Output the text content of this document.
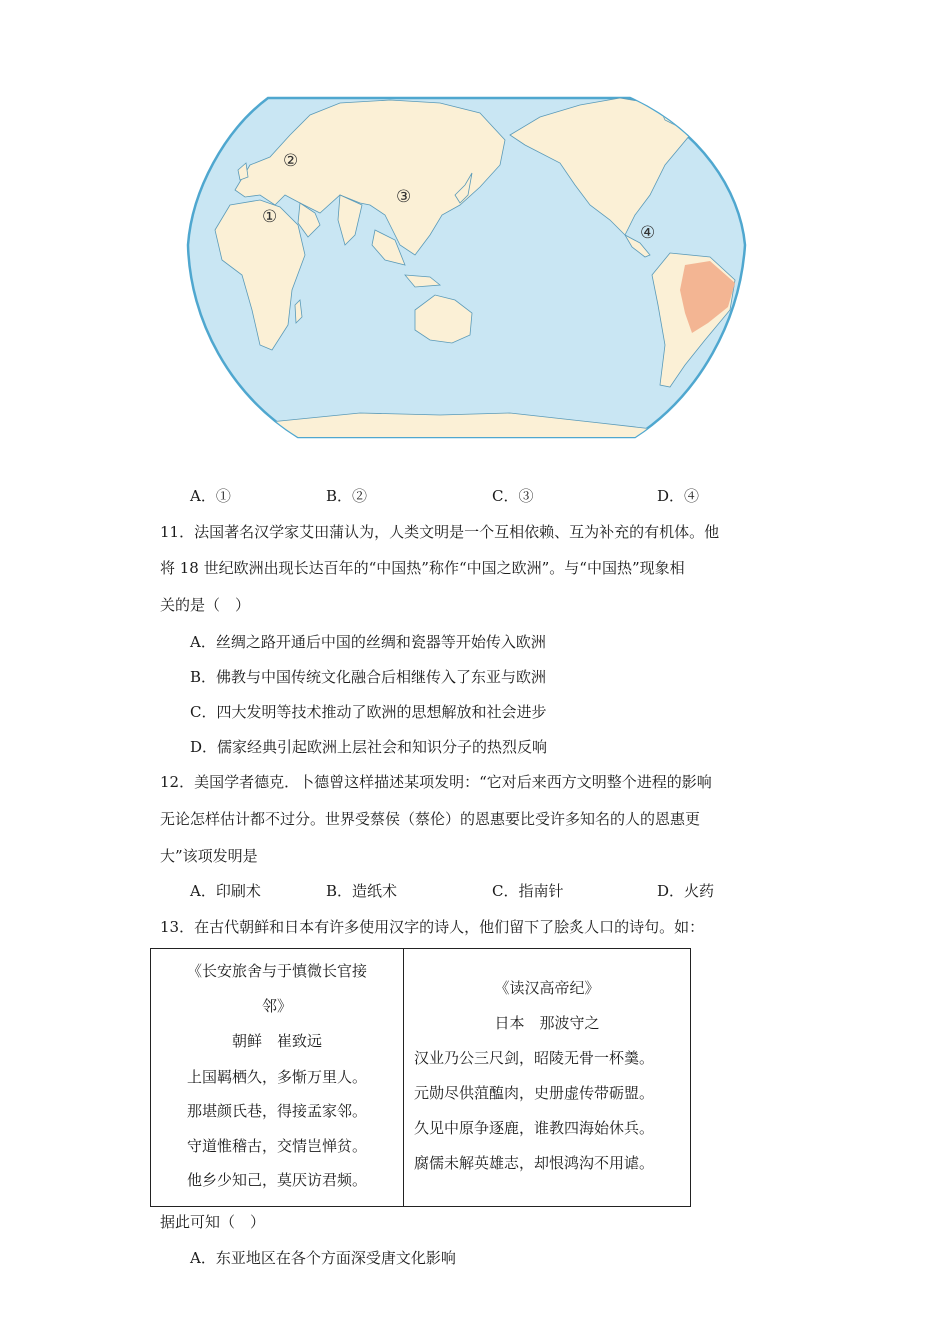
①
②
③
④
A．①	B．②	C．③	D．④
11．法国著名汉学家艾田蒲认为，人类文明是一个互相依赖、互为补充的有机体。他
将 18 世纪欧洲出现长达百年的“中国热”称作“中国之欧洲”。与“中国热”现象相
关的是（　）
A．丝绸之路开通后中国的丝绸和瓷器等开始传入欧洲
B．佛教与中国传统文化融合后相继传入了东亚与欧洲
C．四大发明等技术推动了欧洲的思想解放和社会进步
D．儒家经典引起欧洲上层社会和知识分子的热烈反响
12．美国学者德克．卜德曾这样描述某项发明：“它对后来西方文明整个进程的影响
无论怎样估计都不过分。世界受蔡侯（蔡伦）的恩惠要比受许多知名的人的恩惠更
大”该项发明是
A．印刷术	B．造纸术	C．指南针	D．火药
13．在古代朝鲜和日本有许多使用汉字的诗人，他们留下了脍炙人口的诗句。如：
《长安旅舍与于慎微长官接
邻》
朝鲜　崔致远
上国羁栖久，多惭万里人。
那堪颜氏巷，得接孟家邻。
守道惟稽古，交情岂惮贫。
他乡少知己，莫厌访君频。

《读汉高帝纪》
日本　那波守之
汉业乃公三尺剑，昭陵无骨一杯羹。
元勋尽供菹醢肉，史册虚传带砺盟。
久见中原争逐鹿，谁教四海始休兵。
腐儒未解英雄志，却恨鸿沟不用谑。
据此可知（　）
A．东亚地区在各个方面深受唐文化影响
